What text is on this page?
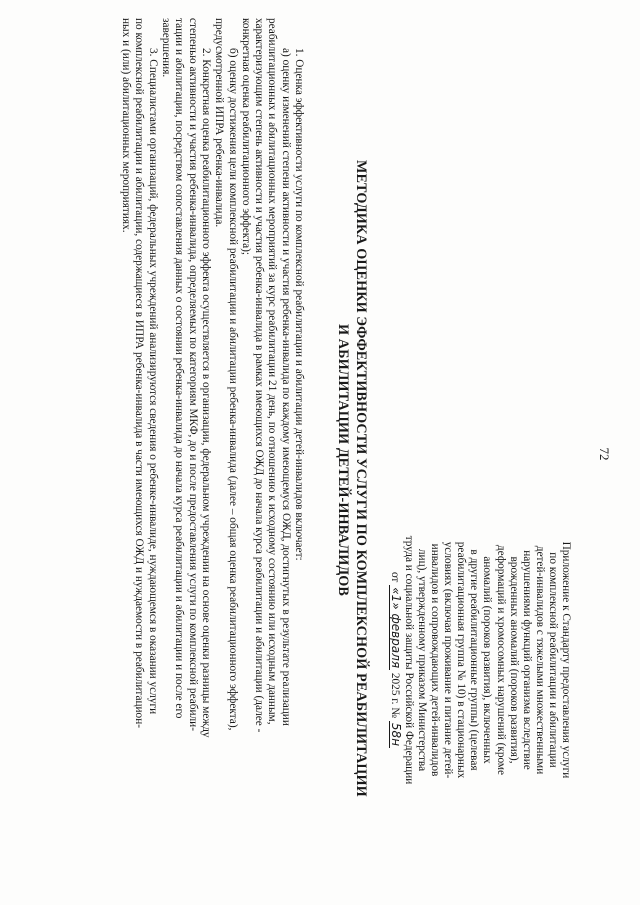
72
Приложение к Стандарту предоставления услуги
по комплексной реабилитации и абилитации
детей-инвалидов с тяжелыми множественными
нарушениями функций организма вследствие
врожденных аномалий (пороков развития),
деформаций и хромосомных нарушений (кроме
аномалий (пороков развития), включенных
в другие реабилитационные группы) (целевая
реабилитационная группа № 10) в стационарных
условиях (включая проживание и питание детей-
инвалидов и сопровождающих детей-инвалидов
лиц), утвержденному приказом Министерства
труда и социальной защиты Российской Федерации
от «1» февраля 2025 г. № 58н
МЕТОДИКА ОЦЕНКИ ЭФФЕКТИВНОСТИ УСЛУГИ ПО КОМПЛЕКСНОЙ РЕАБИЛИТАЦИИ
И АБИЛИТАЦИИ ДЕТЕЙ-ИНВАЛИДОВ
1. Оценка эффективности услуги по комплексной реабилитации и абилитации детей-инвалидов включает:
а) оценку изменений степени активности и участия ребенка-инвалида по каждому имеющемуся ОЖД, достигнутых в результате реализации
реабилитационных и абилитационных мероприятий за курс реабилитации 21 день, по отношению к исходному состоянию или исходным данным,
характеризующим степень активности и участия ребенка-инвалида в рамках имеющихся ОЖД до начала курса реабилитации и абилитации (далее -
конкретная оценка реабилитационного эффекта);
б) оценку достижения цели комплексной реабилитации и абилитации ребенка-инвалида (далее – общая оценка реабилитационного эффекта),
предусмотренной ИПРА ребенка-инвалида.
2. Конкретная оценка реабилитационного эффекта осуществляется в организации, федеральном учреждении на основе оценки разницы между
степенью активности и участия ребенка-инвалида, определяемых по категориям МКФ, до и после предоставления услуги по комплексной реабили-
тации и абилитации, посредством сопоставления данных о состоянии ребенка-инвалида до начала курса реабилитации и абилитации и после его
завершения.
3. Специалистами организаций, федеральных учреждений анализируются сведения о ребенке-инвалиде, нуждающемся в оказании услуги
по комплексной реабилитации и абилитации, содержащиеся в ИПРА ребенка-инвалида в части имеющихся ОЖД и нуждаемости в реабилитацион-
ных и (или) абилитационных мероприятиях.
